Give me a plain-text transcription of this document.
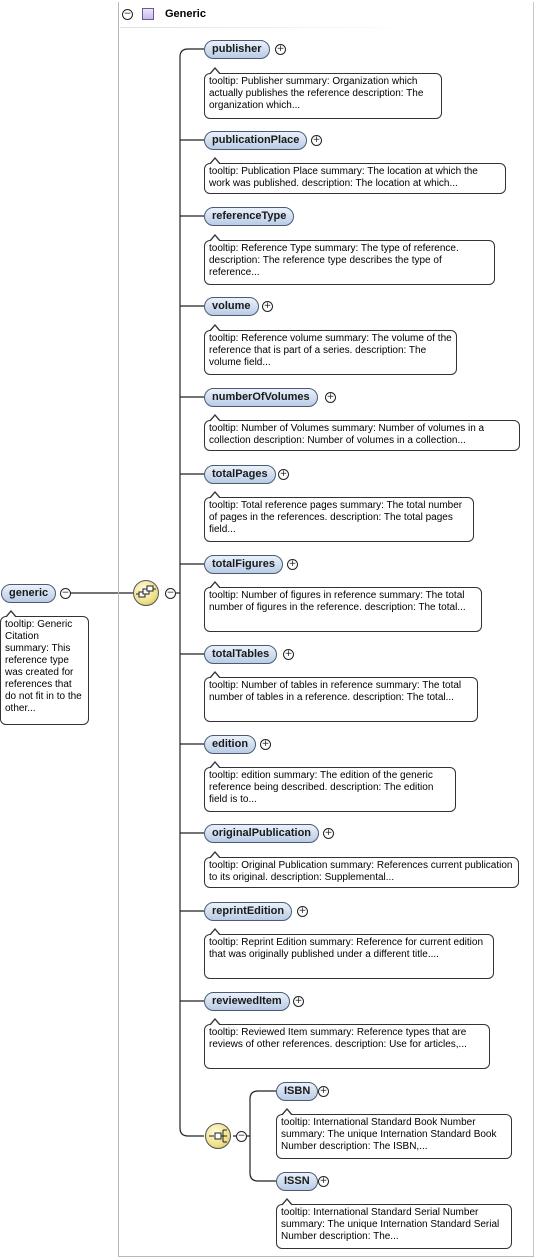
−	Generic
generic	−
tooltip: Generic Citation summary: This reference type was created for references that do not fit in to the other...
−
publisher	+
tooltip: Publisher summary: Organization which actually publishes the reference description: The organization which...
publicationPlace	+
tooltip: Publication Place summary: The location at which the work was published. description: The location at which...
referenceType
tooltip: Reference Type summary: The type of reference. description: The reference type describes the type of reference...
volume	+
tooltip: Reference volume summary: The volume of the reference that is part of a series. description: The volume field...
numberOfVolumes	+
tooltip: Number of Volumes summary: Number of volumes in a collection description: Number of volumes in a collection...
totalPages	+
tooltip: Total reference pages summary: The total number of pages in the references. description: The total pages field...
totalFigures	+
tooltip: Number of figures in reference summary: The total number of figures in the reference. description: The total...
totalTables	+
tooltip: Number of tables in reference summary: The total number of tables in a reference. description: The total...
edition	+
tooltip: edition summary: The edition of the generic reference being described. description: The edition field is to...
originalPublication	+
tooltip: Original Publication summary: References current publication to its original. description: Supplemental...
reprintEdition	+
tooltip: Reprint Edition summary: Reference for current edition that was originally published under a different title....
reviewedItem	+
tooltip: Reviewed Item summary: Reference types that are reviews of other references. description: Use for articles,...
−
ISBN	+
tooltip: International Standard Book Number summary: The unique Internation Standard Book Number description: The ISBN,...
ISSN	+
tooltip: International Standard Serial Number summary: The unique Internation Standard Serial Number description: The...
